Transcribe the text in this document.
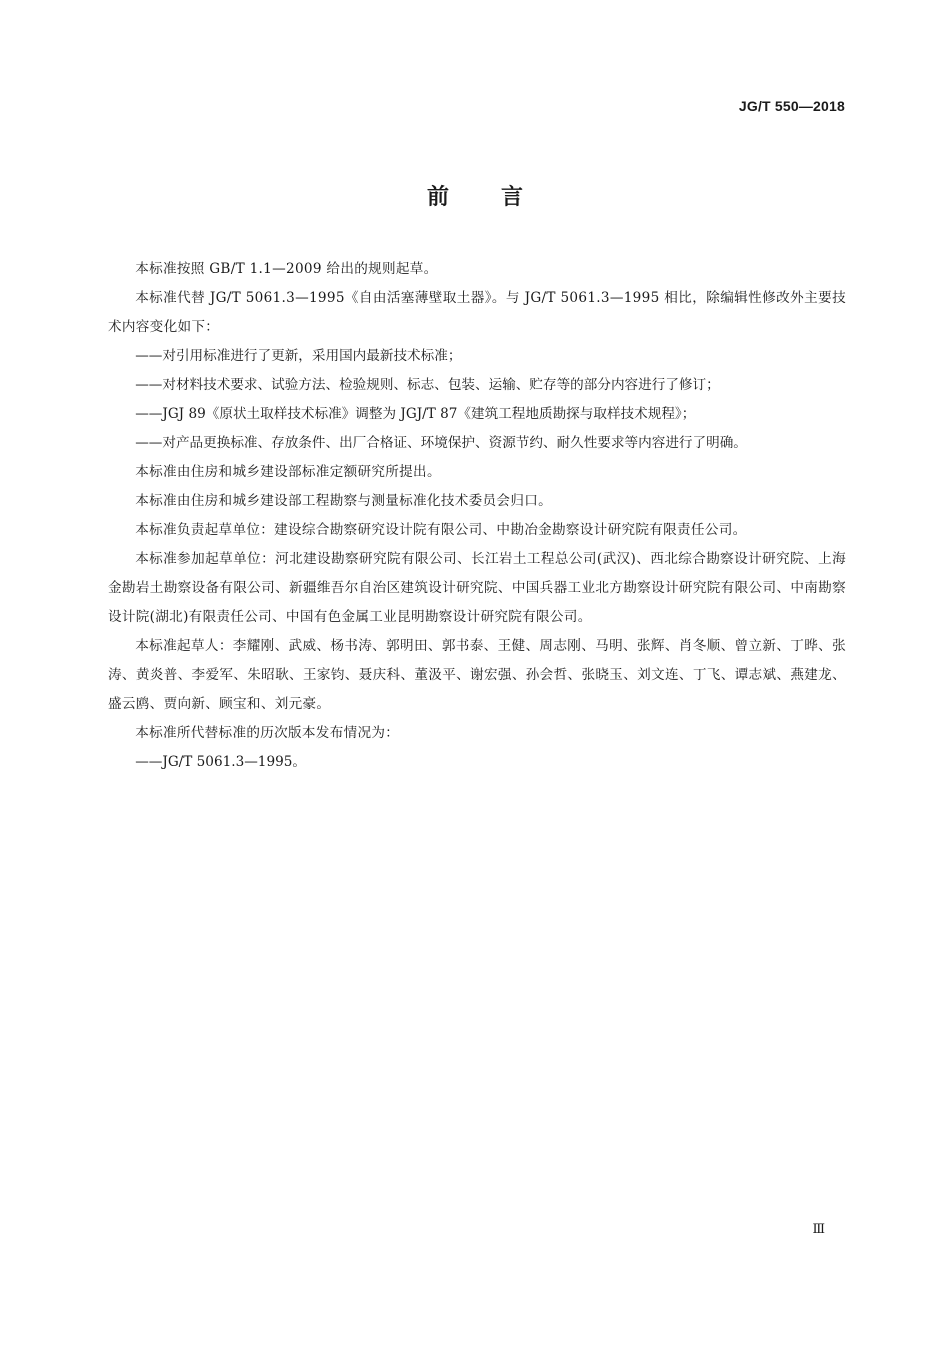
JG/T 550—2018
前言

本标准按照 GB/T 1.1—2009 给出的规则起草。

本标准代替 JG/T 5061.3—1995《自由活塞薄壁取土器》。与 JG/T 5061.3—1995 相比，除编辑性修改外主要技术内容变化如下：

——对引用标准进行了更新，采用国内最新技术标准；

——对材料技术要求、试验方法、检验规则、标志、包装、运输、贮存等的部分内容进行了修订；

——JGJ 89《原状土取样技术标准》调整为 JGJ/T 87《建筑工程地质勘探与取样技术规程》；

——对产品更换标准、存放条件、出厂合格证、环境保护、资源节约、耐久性要求等内容进行了明确。

本标准由住房和城乡建设部标准定额研究所提出。

本标准由住房和城乡建设部工程勘察与测量标准化技术委员会归口。

本标准负责起草单位：建设综合勘察研究设计院有限公司、中勘冶金勘察设计研究院有限责任公司。

本标准参加起草单位：河北建设勘察研究院有限公司、长江岩土工程总公司(武汉)、西北综合勘察设计研究院、上海金勘岩土勘察设备有限公司、新疆维吾尔自治区建筑设计研究院、中国兵器工业北方勘察设计研究院有限公司、中南勘察设计院(湖北)有限责任公司、中国有色金属工业昆明勘察设计研究院有限公司。

本标准起草人：李耀刚、武威、杨书涛、郭明田、郭书泰、王健、周志刚、马明、张辉、肖冬顺、曾立新、丁晔、张涛、黄炎普、李爱军、朱昭耿、王家钧、聂庆科、董汲平、谢宏强、孙会哲、张晓玉、刘文连、丁飞、谭志斌、燕建龙、盛云鸥、贾向新、顾宝和、刘元豪。

本标准所代替标准的历次版本发布情况为：

——JG/T 5061.3—1995。

Ⅲ
